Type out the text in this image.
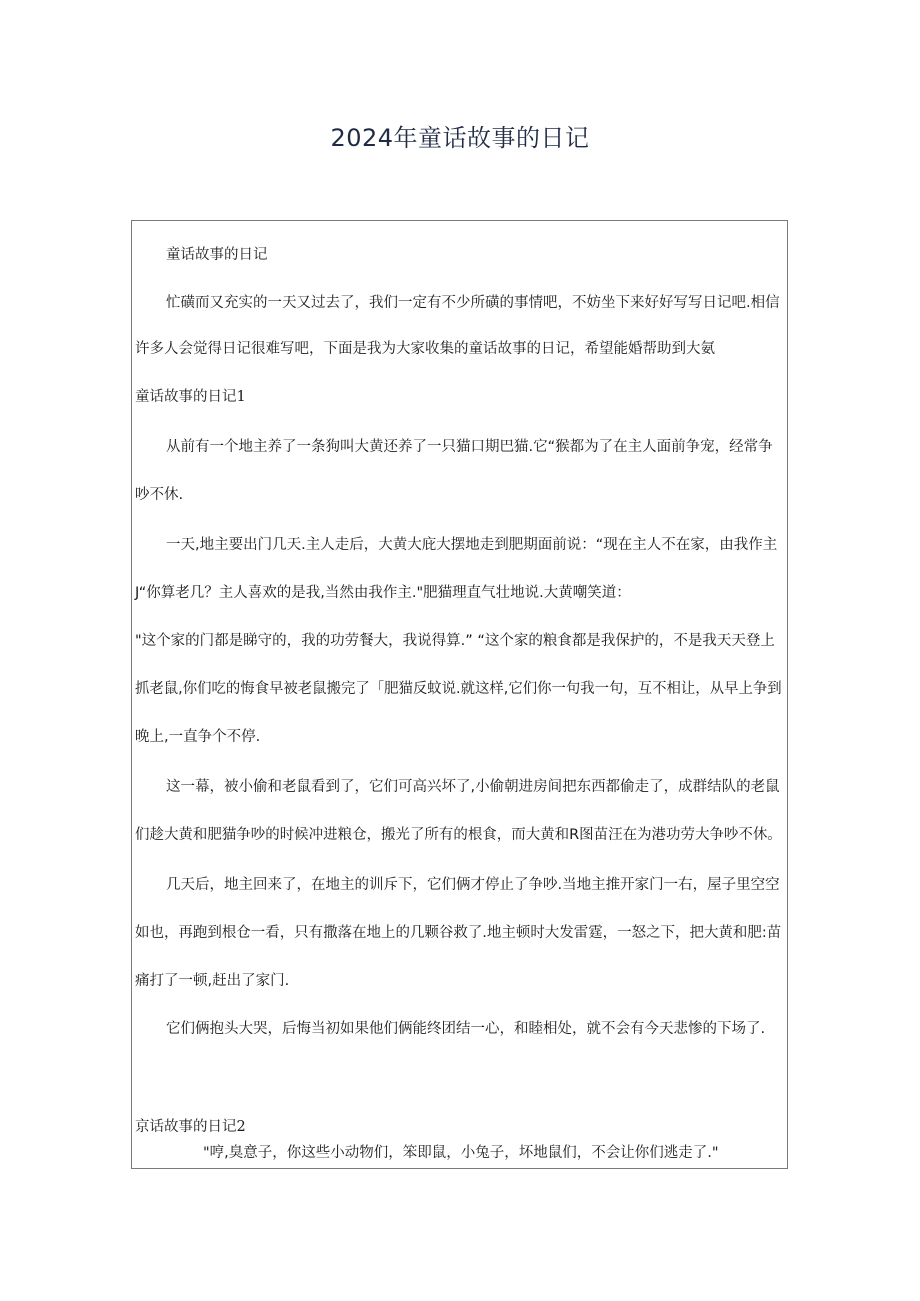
2024年童话故事的日记
童话故事的日记
忙磺而又充实的一天又过去了，我们一定有不少所磺的事情吧，不妨坐下来好好写写日记吧.相信
许多人会觉得日记很难写吧，下面是我为大家收集的童话故事的日记，希望能婚帮助到大氨
童话故事的日记1
从前有一个地主养了一条狗叫大黄还养了一只猫口期巴猫.它“猴都为了在主人面前争宠，经常争
吵不休.
一天,地主要出门几天.主人走后，大黄大庇大摆地走到肥期面前说：“现在主人不在家，由我作主
J“你算老几？主人喜欢的是我,当然由我作主."肥猫理直气壮地说.大黄嘲笑道：
"这个家的门都是睇守的，我的功劳餐大，我说得算.” “这个家的粮食都是我保护的，不是我天天登上
抓老鼠,你们吃的悔食早被老鼠搬完了「肥猫反蚊说.就这样,它们你一句我一句，互不相让，从早上争到
晚上,一直争个不停.
这一幕，被小偷和老鼠看到了，它们可高兴坏了,小偷朝进房间把东西都偷走了，成群结队的老鼠
们趁大黄和肥猫争吵的时候冲进粮仓，搬光了所有的根食，而大黄和R图苗汪在为港功劳大争吵不休。
几天后，地主回来了，在地主的训斥下，它们俩才停止了争吵.当地主推开家门一右，屋子里空空
如也，再跑到根仓一看，只有撒落在地上的几颗谷救了.地主顿时大发雷霆，一怒之下，把大黄和肥:苗
痛打了一顿,赶出了家门.
它们俩抱头大哭，后悔当初如果他们俩能终团结一心，和睦相处，就不会有今天悲惨的下场了.
京话故事的日记2
"哼,臭意子，你这些小动物们，笨即鼠，小兔子，坏地鼠们，不会让你们逃走了."
